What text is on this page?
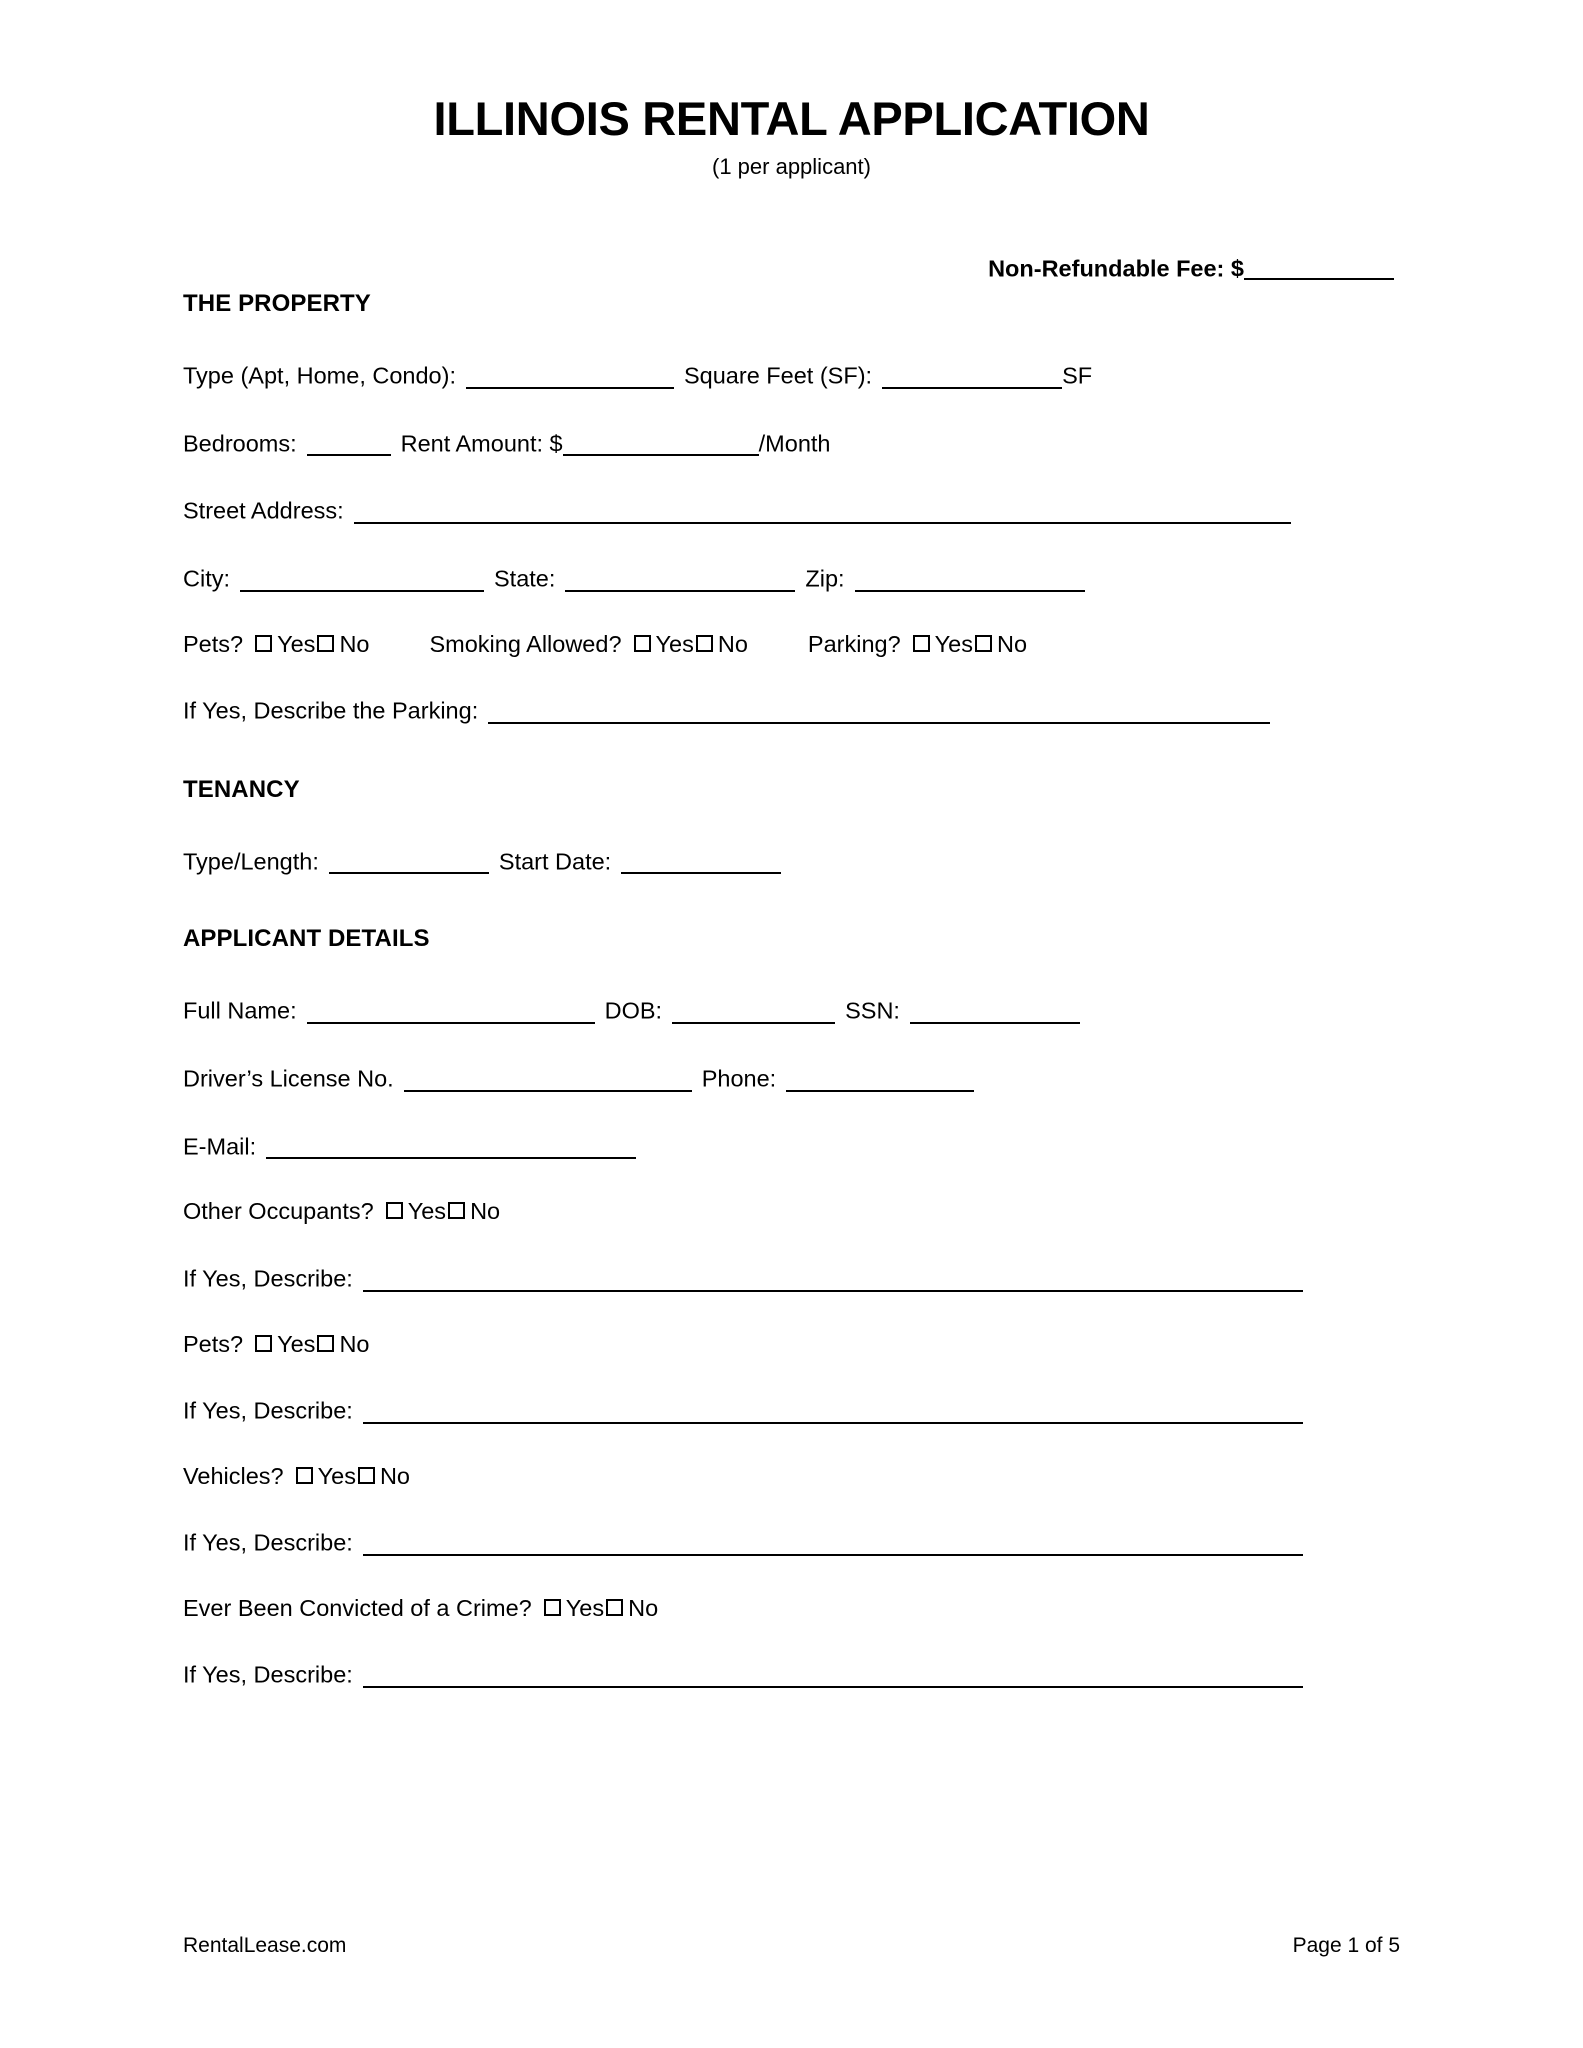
ILLINOIS RENTAL APPLICATION
(1 per applicant)
Non-Refundable Fee: $
THE PROPERTY
Type (Apt, Home, Condo):	Square Feet (SF):	SF
Bedrooms:	Rent Amount: $	/Month
Street Address:
City:	State:	Zip:
Pets? Yes No	Smoking Allowed? Yes No	Parking? Yes No
If Yes, Describe the Parking:
TENANCY
Type/Length:	Start Date:
APPLICANT DETAILS
Full Name:	DOB:	SSN:
Driver’s License No.	Phone:
E-Mail:
Other Occupants? Yes No
If Yes, Describe:
Pets? Yes No
If Yes, Describe:
Vehicles? Yes No
If Yes, Describe:
Ever Been Convicted of a Crime? Yes No
If Yes, Describe:
RentalLease.com	Page 1 of 5
